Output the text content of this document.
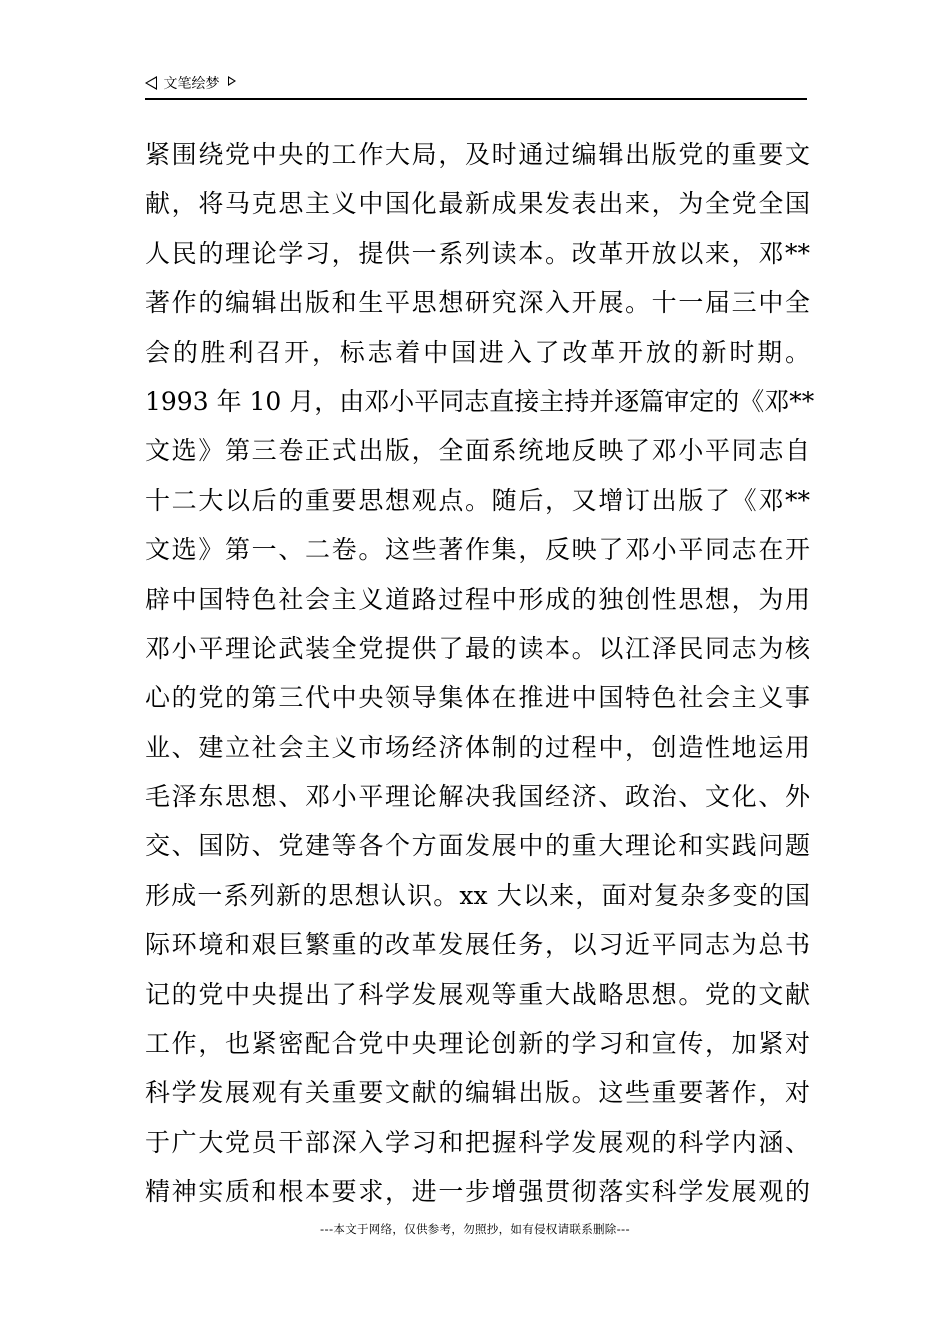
文笔绘梦
紧围绕党中央的工作大局，及时通过编辑出版党的重要文
献，将马克思主义中国化最新成果发表出来，为全党全国
人民的理论学习，提供一系列读本。改革开放以来，邓**
著作的编辑出版和生平思想研究深入开展。十一届三中全
会的胜利召开，标志着中国进入了改革开放的新时期。
1993 年 10 月，由邓小平同志直接主持并逐篇审定的《邓**
文选》第三卷正式出版，全面系统地反映了邓小平同志自
十二大以后的重要思想观点。随后，又增订出版了《邓**
文选》第一、二卷。这些著作集，反映了邓小平同志在开
辟中国特色社会主义道路过程中形成的独创性思想，为用
邓小平理论武装全党提供了最的读本。以江泽民同志为核
心的党的第三代中央领导集体在推进中国特色社会主义事
业、建立社会主义市场经济体制的过程中，创造性地运用
毛泽东思想、邓小平理论解决我国经济、政治、文化、外
交、国防、党建等各个方面发展中的重大理论和实践问题
形成一系列新的思想认识。xx 大以来，面对复杂多变的国
际环境和艰巨繁重的改革发展任务，以习近平同志为总书
记的党中央提出了科学发展观等重大战略思想。党的文献
工作，也紧密配合党中央理论创新的学习和宣传，加紧对
科学发展观有关重要文献的编辑出版。这些重要著作，对
于广大党员干部深入学习和把握科学发展观的科学内涵、
精神实质和根本要求，进一步增强贯彻落实科学发展观的
---本文于网络，仅供参考，勿照抄，如有侵权请联系删除---
